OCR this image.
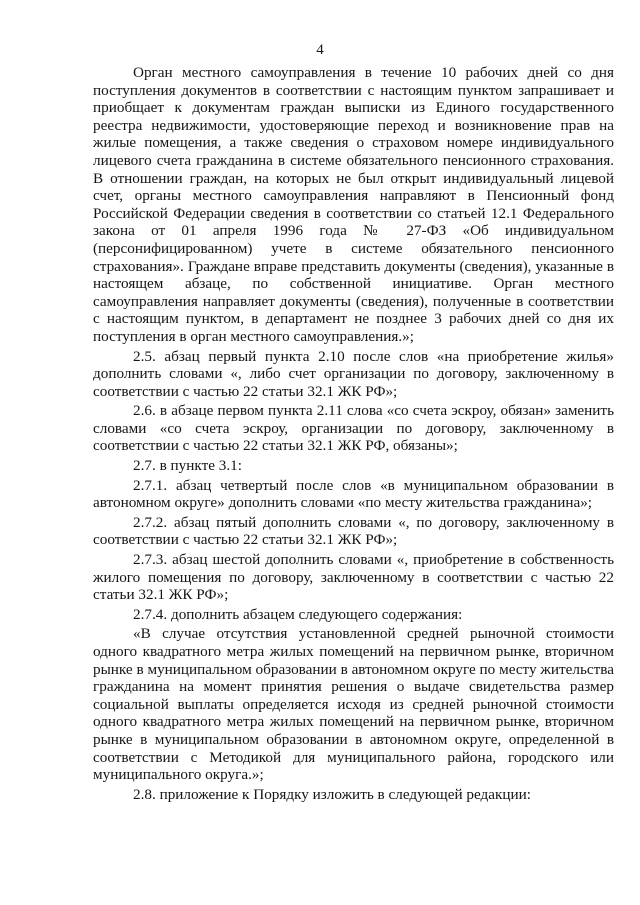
4

Орган местного самоуправления в течение 10 рабочих дней со дня поступления документов в соответствии с настоящим пунктом запрашивает и приобщает к документам граждан выписки из Единого государственного реестра недвижимости, удостоверяющие переход и возникновение прав на жилые помещения, а также сведения о страховом номере индивидуального лицевого счета гражданина в системе обязательного пенсионного страхования. В отношении граждан, на которых не был открыт индивидуальный лицевой счет, органы местного самоуправления направляют в Пенсионный фонд Российской Федерации сведения в соответствии со статьей 12.1 Федерального закона от 01 апреля 1996 года № 27-ФЗ «Об индивидуальном (персонифицированном) учете в системе обязательного пенсионного страхования». Граждане вправе представить документы (сведения), указанные в настоящем абзаце, по собственной инициативе. Орган местного самоуправления направляет документы (сведения), полученные в соответствии с настоящим пунктом, в департамент не позднее 3 рабочих дней со дня их поступления в орган местного самоуправления.»;

2.5. абзац первый пункта 2.10 после слов «на приобретение жилья» дополнить словами «, либо счет организации по договору, заключенному в соответствии с частью 22 статьи 32.1 ЖК РФ»;

2.6. в абзаце первом пункта 2.11 слова «со счета эскроу, обязан» заменить словами «со счета эскроу, организации по договору, заключенному в соответствии с частью 22 статьи 32.1 ЖК РФ, обязаны»;

2.7. в пункте 3.1:

2.7.1. абзац четвертый после слов «в муниципальном образовании в автономном округе» дополнить словами «по месту жительства гражданина»;

2.7.2. абзац пятый дополнить словами «, по договору, заключенному в соответствии с частью 22 статьи 32.1 ЖК РФ»;

2.7.3. абзац шестой дополнить словами «, приобретение в собственность жилого помещения по договору, заключенному в соответствии с частью 22 статьи 32.1 ЖК РФ»;

2.7.4. дополнить абзацем следующего содержания:

«В случае отсутствия установленной средней рыночной стоимости одного квадратного метра жилых помещений на первичном рынке, вторичном рынке в муниципальном образовании в автономном округе по месту жительства гражданина на момент принятия решения о выдаче свидетельства размер социальной выплаты определяется исходя из средней рыночной стоимости одного квадратного метра жилых помещений на первичном рынке, вторичном рынке в муниципальном образовании в автономном округе, определенной в соответствии с Методикой для муниципального района, городского или муниципального округа.»;

2.8. приложение к Порядку изложить в следующей редакции:
